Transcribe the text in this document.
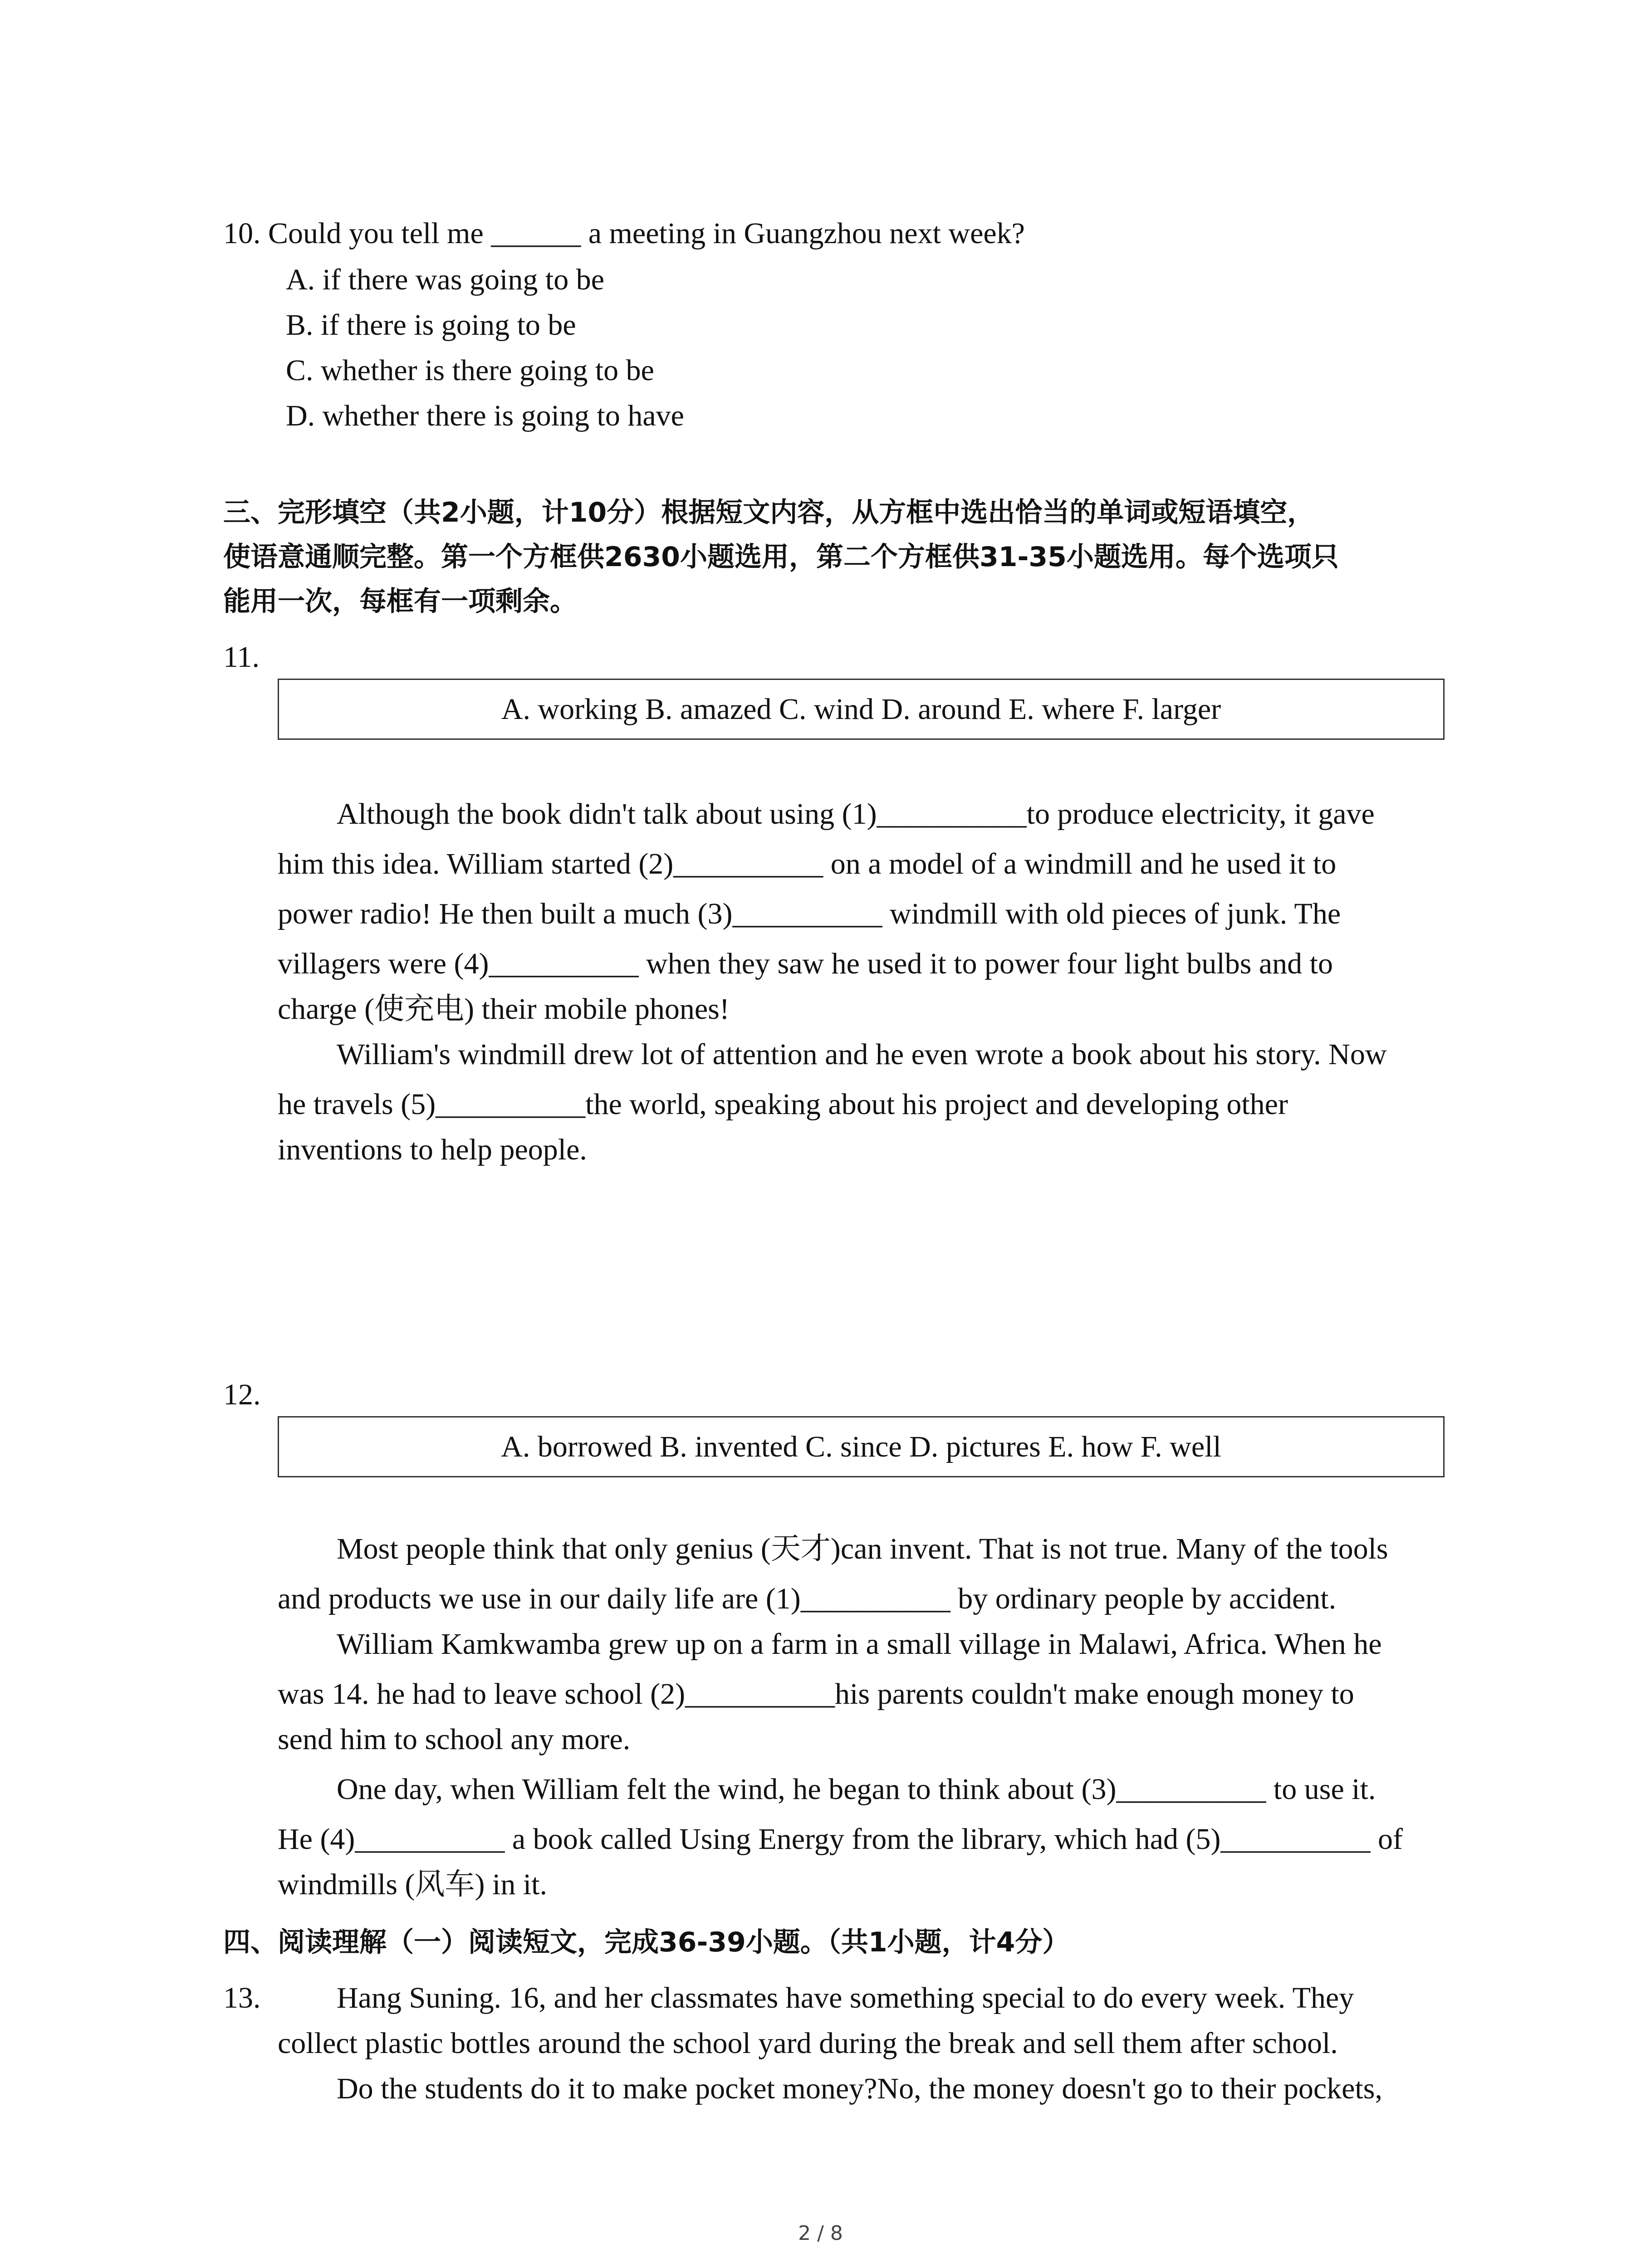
10. Could you tell me ______ a meeting in Guangzhou next week?
A. if there was going to be
B. if there is going to be
C. whether is there going to be
D. whether there is going to have
三、完形填空（共2小题，计10分）根据短文内容，从方框中选出恰当的单词或短语填空，
使语意通顺完整。第一个方框供2630小题选用，第二个方框供31-35小题选用。每个选项只
能用一次，每框有一项剩余。
11.
A. working B. amazed C. wind D. around E. where F. larger
Although the book didn't talk about using (1)__________to produce electricity, it gave
him this idea. William started (2)__________ on a model of a windmill and he used it to
power radio! He then built a much (3)__________ windmill with old pieces of junk. The
villagers were (4)__________ when they saw he used it to power four light bulbs and to
charge (使充电) their mobile phones!
William's windmill drew lot of attention and he even wrote a book about his story. Now
he travels (5)__________the world, speaking about his project and developing other
inventions to help people.
12.
A. borrowed B. invented C. since D. pictures E. how F. well
Most people think that only genius (天才)can invent. That is not true. Many of the tools
and products we use in our daily life are (1)__________ by ordinary people by accident.
William Kamkwamba grew up on a farm in a small village in Malawi, Africa. When he
was 14. he had to leave school (2)__________his parents couldn't make enough money to
send him to school any more.
One day, when William felt the wind, he began to think about (3)__________ to use it.
He (4)__________ a book called Using Energy from the library, which had (5)__________ of
windmills (风车) in it.
四、阅读理解（一）阅读短文，完成36-39小题。（共1小题，计4分）
13.	Hang Suning. 16, and her classmates have something special to do every week. They
collect plastic bottles around the school yard during the break and sell them after school.
Do the students do it to make pocket money?No, the money doesn't go to their pockets,
2 / 8
